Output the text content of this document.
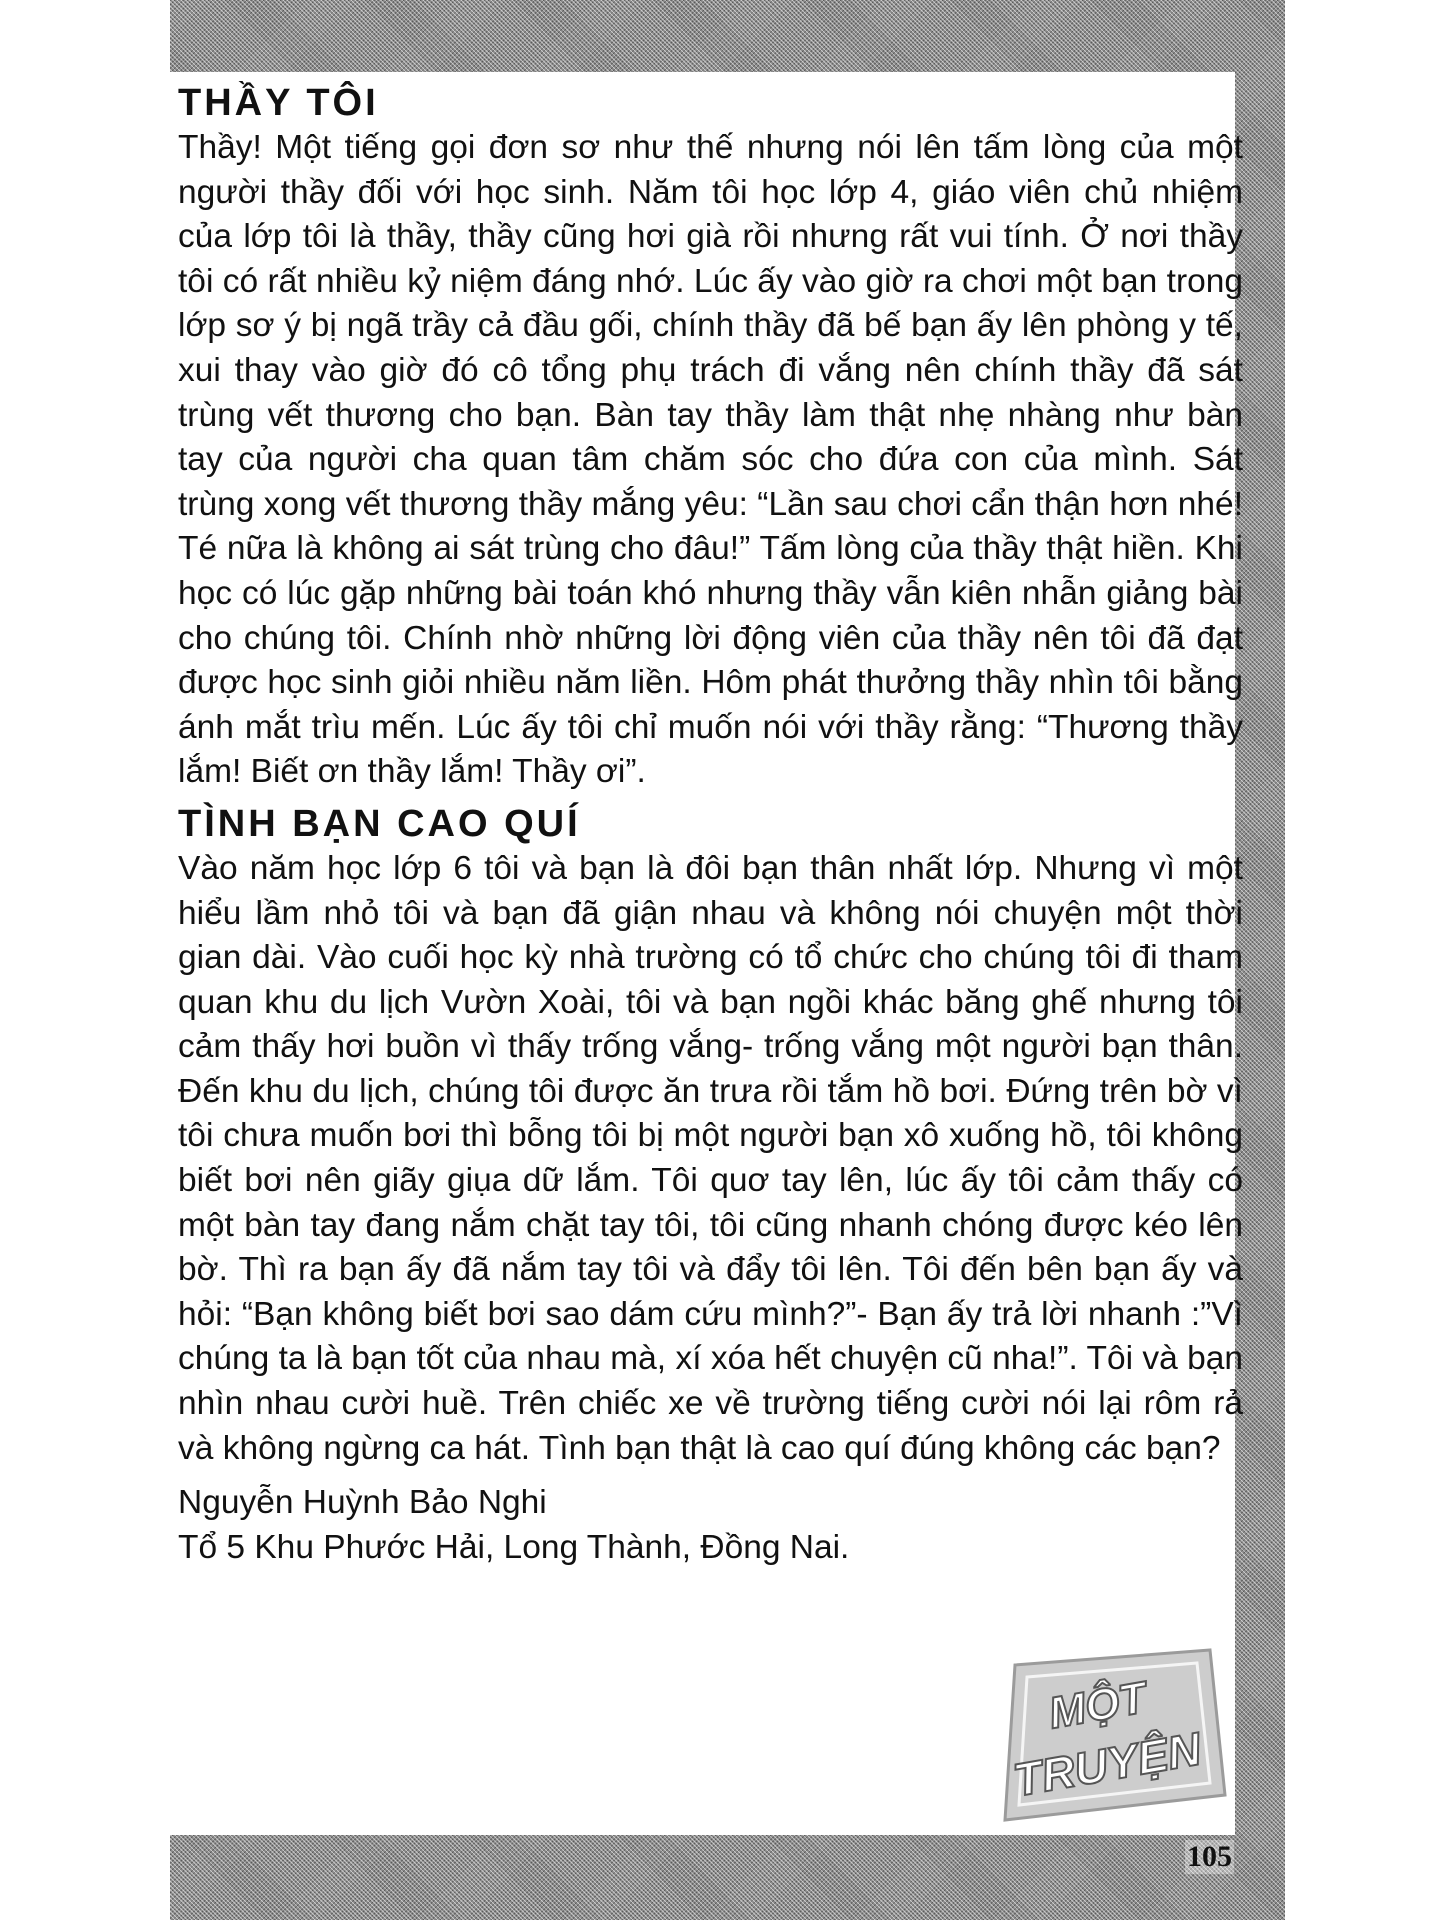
THẦY TÔI

Thầy! Một tiếng gọi đơn sơ như thế nhưng nói lên tấm lòng của một người thầy đối với học sinh. Năm tôi học lớp 4, giáo viên chủ nhiệm của lớp tôi là thầy, thầy cũng hơi già rồi nhưng rất vui tính. Ở nơi thầy tôi có rất nhiều kỷ niệm đáng nhớ. Lúc ấy vào giờ ra chơi một bạn trong lớp sơ ý bị ngã trầy cả đầu gối, chính thầy đã bế bạn ấy lên phòng y tế, xui thay vào giờ đó cô tổng phụ trách đi vắng nên chính thầy đã sát trùng vết thương cho bạn. Bàn tay thầy làm thật nhẹ nhàng như bàn tay của người cha quan tâm chăm sóc cho đứa con của mình. Sát trùng xong vết thương thầy mắng yêu: “Lần sau chơi cẩn thận hơn nhé! Té nữa là không ai sát trùng cho đâu!” Tấm lòng của thầy thật hiền. Khi học có lúc gặp những bài toán khó nhưng thầy vẫn kiên nhẫn giảng bài cho chúng tôi. Chính nhờ những lời động viên của thầy nên tôi đã đạt được học sinh giỏi nhiều năm liền. Hôm phát thưởng thầy nhìn tôi bằng ánh mắt trìu mến. Lúc ấy tôi chỉ muốn nói với thầy rằng: “Thương thầy lắm! Biết ơn thầy lắm! Thầy ơi”.

TÌNH BẠN CAO QUÍ

Vào năm học lớp 6 tôi và bạn là đôi bạn thân nhất lớp. Nhưng vì một hiểu lầm nhỏ tôi và bạn đã giận nhau và không nói chuyện một thời gian dài. Vào cuối học kỳ nhà trường có tổ chức cho chúng tôi đi tham quan khu du lịch Vườn Xoài, tôi và bạn ngồi khác băng ghế nhưng tôi cảm thấy hơi buồn vì thấy trống vắng- trống vắng một người bạn thân. Đến khu du lịch, chúng tôi được ăn trưa rồi tắm hồ bơi. Đứng trên bờ vì tôi chưa muốn bơi thì bỗng tôi bị một người bạn xô xuống hồ, tôi không biết bơi nên giãy giụa dữ lắm. Tôi quơ tay lên, lúc ấy tôi cảm thấy có một bàn tay đang nắm chặt tay tôi, tôi cũng nhanh chóng được kéo lên bờ. Thì ra bạn ấy đã nắm tay tôi và đẩy tôi lên. Tôi đến bên bạn ấy và hỏi: “Bạn không biết bơi sao dám cứu mình?”- Bạn ấy trả lời nhanh :”Vì chúng ta là bạn tốt của nhau mà, xí xóa hết chuyện cũ nha!”. Tôi và bạn nhìn nhau cười huề. Trên chiếc xe về trường tiếng cười nói lại rôm rả và không ngừng ca hát. Tình bạn thật là cao quí đúng không các bạn?

Nguyễn Huỳnh Bảo Nghi

Tổ 5 Khu Phước Hải, Long Thành, Đồng Nai.

MỘT
TRUYỆN
105
